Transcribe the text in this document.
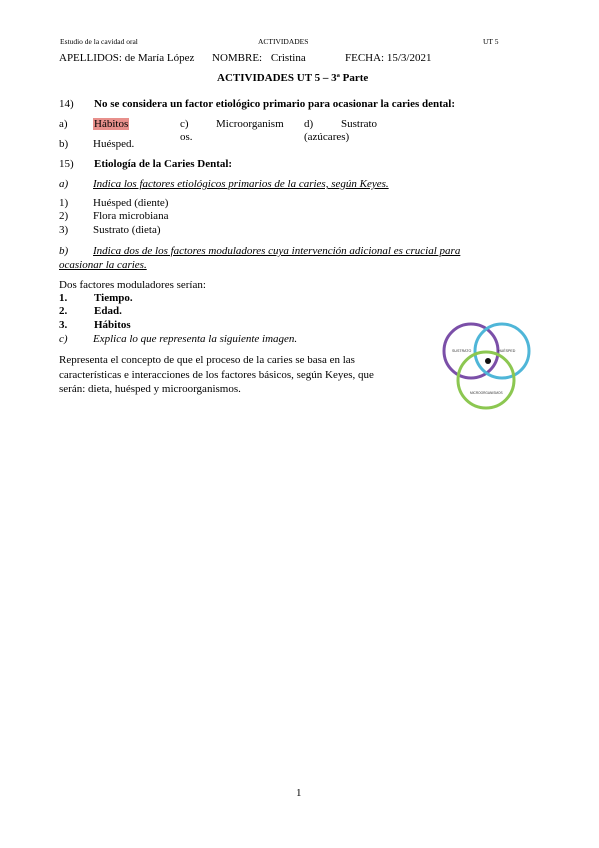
Estudio de la cavidad oral	ACTIVIDADES	UT 5
APELLIDOS: de María López NOMBRE: Cristina	FECHA: 15/3/2021
ACTIVIDADES UT 5 – 3ª Parte
14) No se considera un factor etiológico primario para ocasionar la caries dental:
a) Hábitos	c) Microorganism
os.
d)	Sustrato
(azúcares)
b) Huésped.
15) Etiología de la Caries Dental:
a) Indica los factores etiológicos primarios de la caries, según Keyes.
1) Huésped (diente)
2) Flora microbiana
3) Sustrato (dieta)
b) Indica dos de los factores moduladores cuya intervención adicional es crucial para
ocasionar la caries.
Dos factores moduladores serían:
1. Tiempo.
2. Edad.
3. Hábitos
c) Explica lo que representa la siguiente imagen.
Representa el concepto de que el proceso de la caries se basa en las
características e interacciones de los factores básicos, según Keyes, que
serán: dieta, huésped y microorganismos.
SUSTRATO	HUÉSPED
MICROORGANISMOS
1
